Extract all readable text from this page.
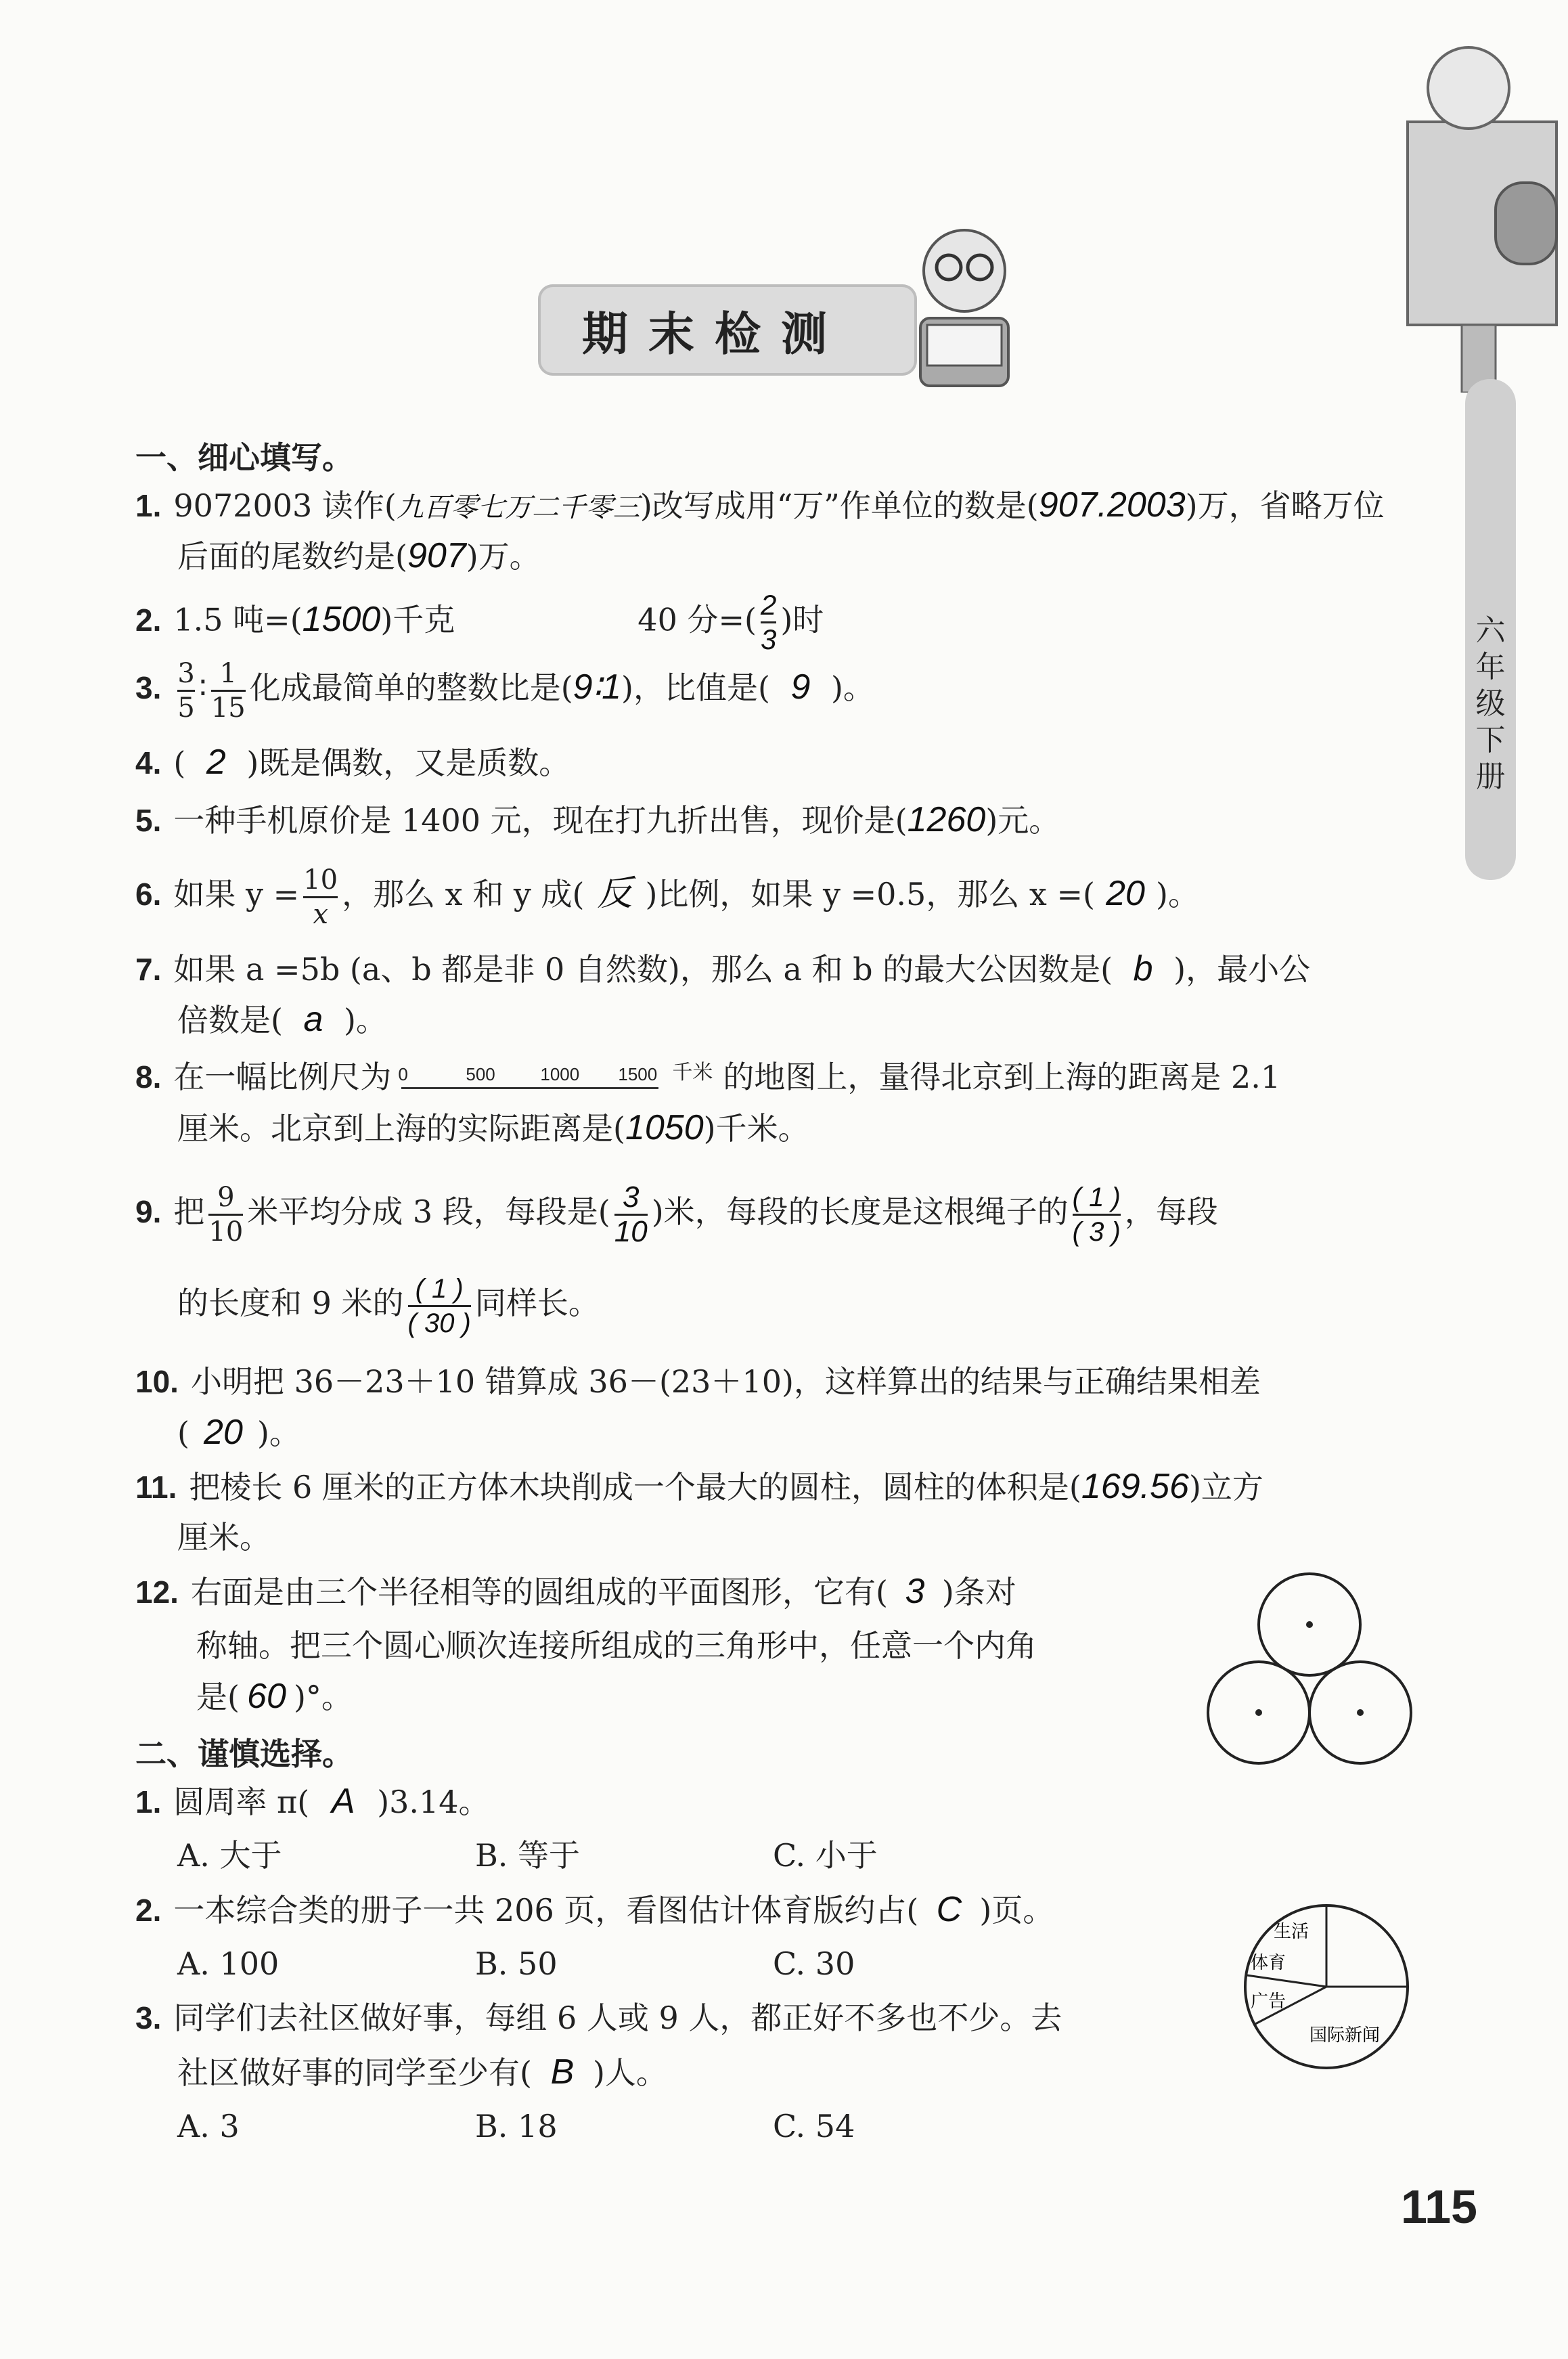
期末检测
六年级下册
一、细心填写。
1. 9072003 读作(九百零七万二千零三)改写成用“万”作单位的数是(907.2003)万，省略万位
后面的尾数约是(907)万。
2. 1.5 吨=(1500)千克	40 分=( $\frac{2}{3}$ )时
3. $\frac{3}{5}$ ∶ $\frac{1}{15}$ 化成最简单的整数比是(9∶1)，比值是( 9 )。
4. ( 2 )既是偶数，又是质数。
5. 一种手机原价是 1400 元，现在打九折出售，现价是(1260)元。
6. 如果 $y = \frac{10}{x}$ ，那么 x 和 y 成( 反 )比例，如果 y =0.5，那么 x =( 20 )。
7. 如果 a =5b (a、b 都是非 0 自然数)，那么 a 和 b 的最大公因数是( b )，最小公
倍数是( a )。
8. 在一幅比例尺为 0	500	1000 1500 千米 的地图上，量得北京到上海的距离是 2.1
厘米。北京到上海的实际距离是(1050)千米。
9. 把 $\frac{9}{10}$ 米平均分成 3 段，每段是( $\frac{3}{10}$ )米，每段的长度是这根绳子的 $\frac{( 1 )}{( 3 )}$ ，每段
的长度和 9 米的 $\frac{( 1 )}{( 30 )}$ 同样长。
10. 小明把 36－23＋10 错算成 36－(23＋10)，这样算出的结果与正确结果相差
( 20 )。
11. 把棱长 6 厘米的正方体木块削成一个最大的圆柱，圆柱的体积是(169.56)立方
厘米。
12. 右面是由三个半径相等的圆组成的平面图形，它有( 3 )条对
称轴。把三个圆心顺次连接所组成的三角形中，任意一个内角
是( 60 )°。
二、谨慎选择。
1. 圆周率 π( A )3.14。
A. 大于	B. 等于	C. 小于
2. 一本综合类的册子一共 206 页，看图估计体育版约占( C )页。
A. 100	B. 50	C. 30
生活
体育
广告
国际新闻
3. 同学们去社区做好事，每组 6 人或 9 人，都正好不多也不少。去
社区做好事的同学至少有( B )人。
A. 3	B. 18	C. 54
115
